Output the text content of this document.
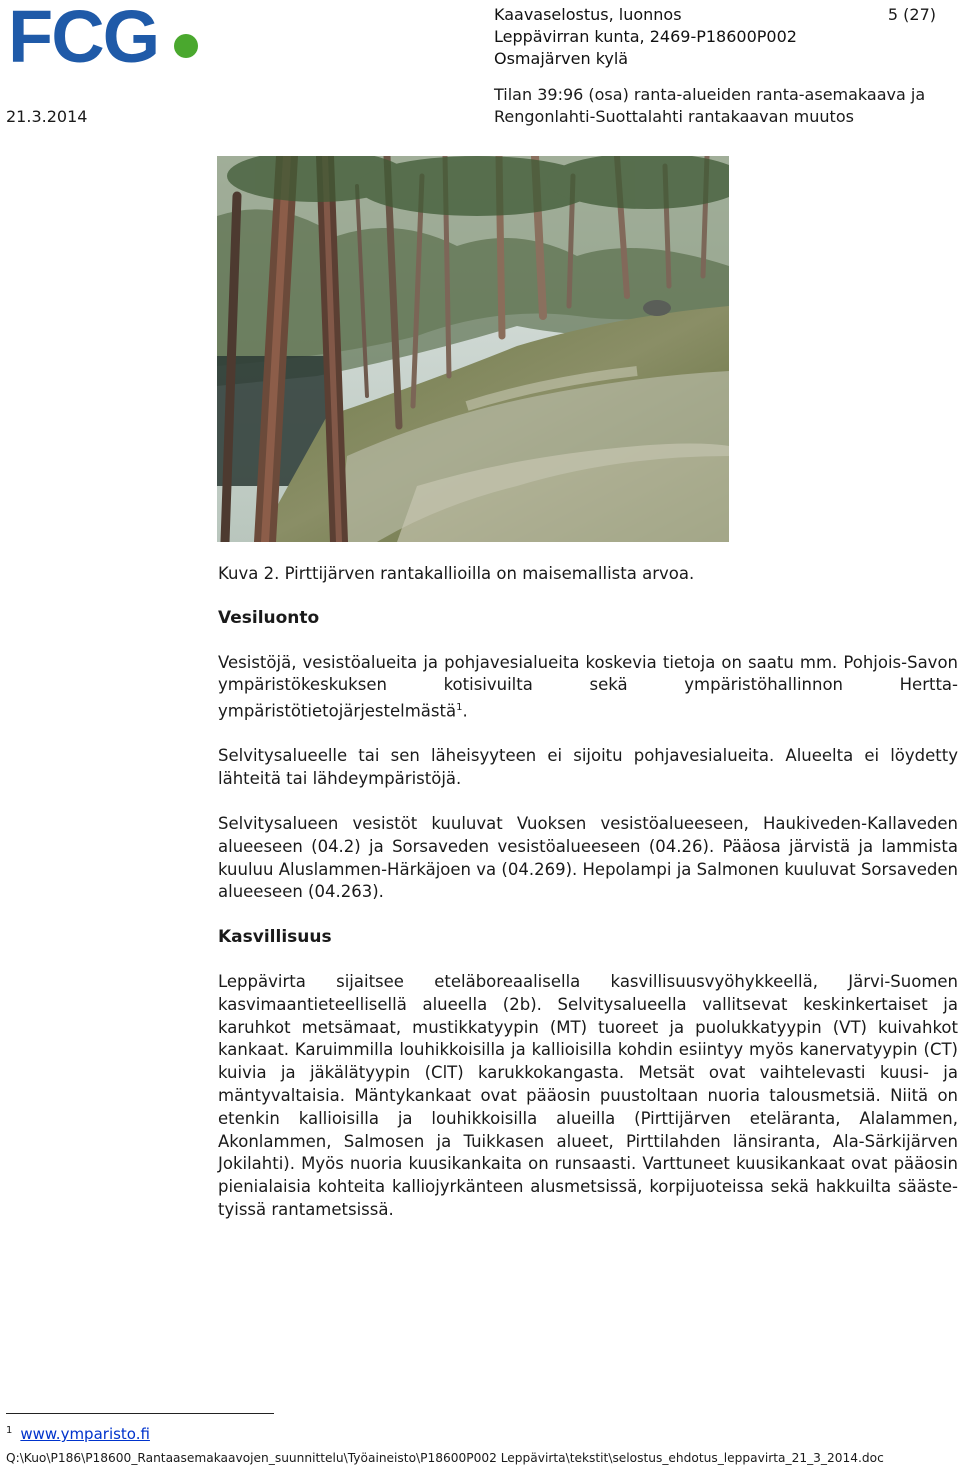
FCG	Kaavaselostus, luonnos
Leppävirran kunta, 2469-P18600P002
Osmajärven kylä
5 (27)
21.3.2014
Tilan 39:96 (osa) ranta-alueiden ranta-asemakaava ja
Rengonlahti-Suottalahti rantakaavan muutos

Kuva 2. Pirttijärven rantakallioilla on maisemallista arvoa.

Vesiluonto

Vesistöjä, vesistöalueita ja pohjavesialueita koskevia tietoja on saatu mm. Pohjois-Savon ympäristökeskuksen kotisivuilta sekä ympäristöhallinnon Hertta-ympäristötietojärjestelmästä$^1$.

Selvitysalueelle tai sen läheisyyteen ei sijoitu pohjavesialueita. Alueelta ei löydetty lähteitä tai lähdeympäristöjä.

Selvitysalueen vesistöt kuuluvat Vuoksen vesistöalueeseen, Haukiveden-Kallaveden alueeseen (04.2) ja Sorsaveden vesistöalueeseen (04.26). Pääosa järvistä ja lammista kuuluu Aluslammen-Härkäjoen va (04.269). Hepolampi ja Salmonen kuuluvat Sorsaveden alueeseen (04.263).

Kasvillisuus

Leppävirta sijaitsee eteläboreaalisella kasvillisuusvyöhykkeellä, Järvi-Suomen kasvimaantieteellisellä alueella (2b). Selvitysalueella vallitsevat keskinkertaiset ja karuhkot metsämaat, mustikkatyypin (MT) tuoreet ja puolukkatyypin (VT) kuivahkot kankaat. Karuimmilla louhikkoisilla ja kallioisilla kohdin esiintyy myös kanervatyypin (CT) kuivia ja jäkälätyypin (ClT) karukkokangasta. Metsät ovat vaihtelevasti kuusi- ja mäntyvaltaisia. Mäntykankaat ovat pääosin puustoltaan nuoria talousmetsiä. Niitä on etenkin kallioisilla ja louhikkoisilla alueilla (Pirttijärven eteläranta, Alalammen, Akonlammen, Salmosen ja Tuikkasen alueet, Pirttilahden länsiranta, Ala-Särkijärven Jokilahti). Myös nuoria kuusikankaita on runsaasti. Varttuneet kuusikankaat ovat pääosin pienialaisia kohteita kalliojyrkänteen alusmetsissä, korpijuoteissa sekä hakkuilta säästetyissä rantametsissä.

$^1$ www.ymparisto.fi
Q:\Kuo\P186\P18600_Rantaasemakaavojen_suunnittelu\Työaineisto\P18600P002 Leppävirta\tekstit\selostus_ehdotus_leppavirta_21_3_2014.doc
